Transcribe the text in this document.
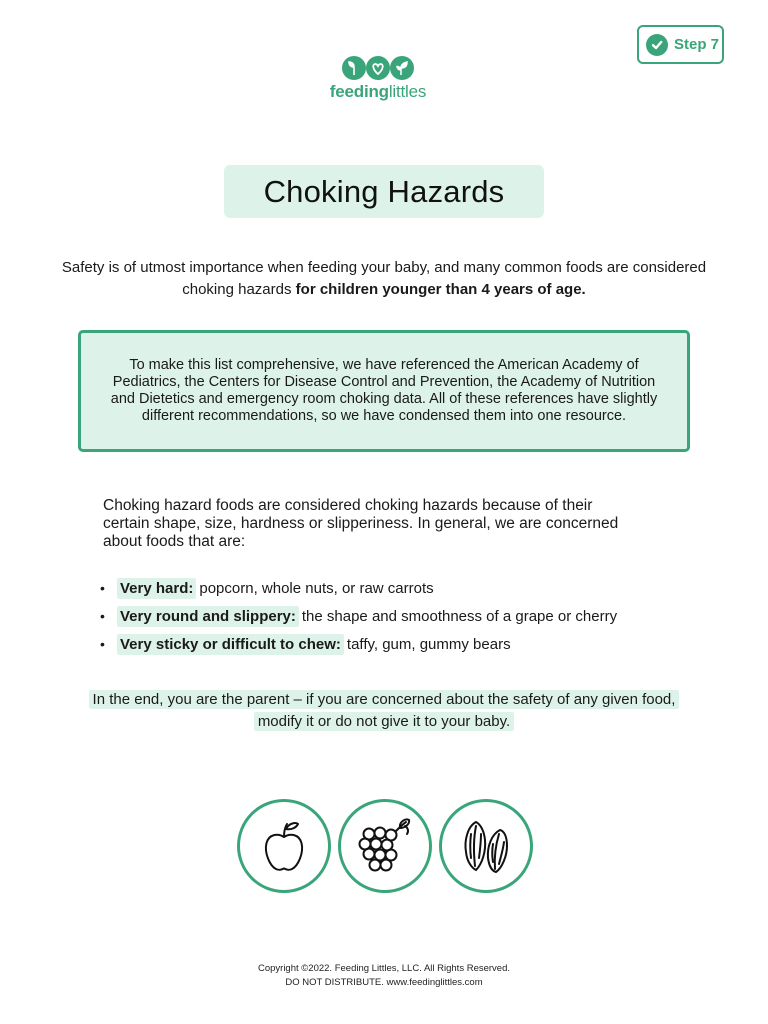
Step 7
feedinglittles
Choking Hazards
Safety is of utmost importance when feeding your baby, and many common foods are considered choking hazards for children younger than 4 years of age.
To make this list comprehensive, we have referenced the American Academy of Pediatrics, the Centers for Disease Control and Prevention, the Academy of Nutrition and Dietetics and emergency room choking data. All of these references have slightly different recommendations, so we have condensed them into one resource.
Choking hazard foods are considered choking hazards because of their certain shape, size, hardness or slipperiness. In general, we are concerned about foods that are:
•	Very hard: popcorn, whole nuts, or raw carrots
•	Very round and slippery: the shape and smoothness of a grape or cherry
•	Very sticky or difficult to chew: taffy, gum, gummy bears
In the end, you are the parent – if you are concerned about the safety of any given food, modify it or do not give it to your baby.
Copyright ©2022. Feeding Littles, LLC. All Rights Reserved.
DO NOT DISTRIBUTE. www.feedinglittles.com
